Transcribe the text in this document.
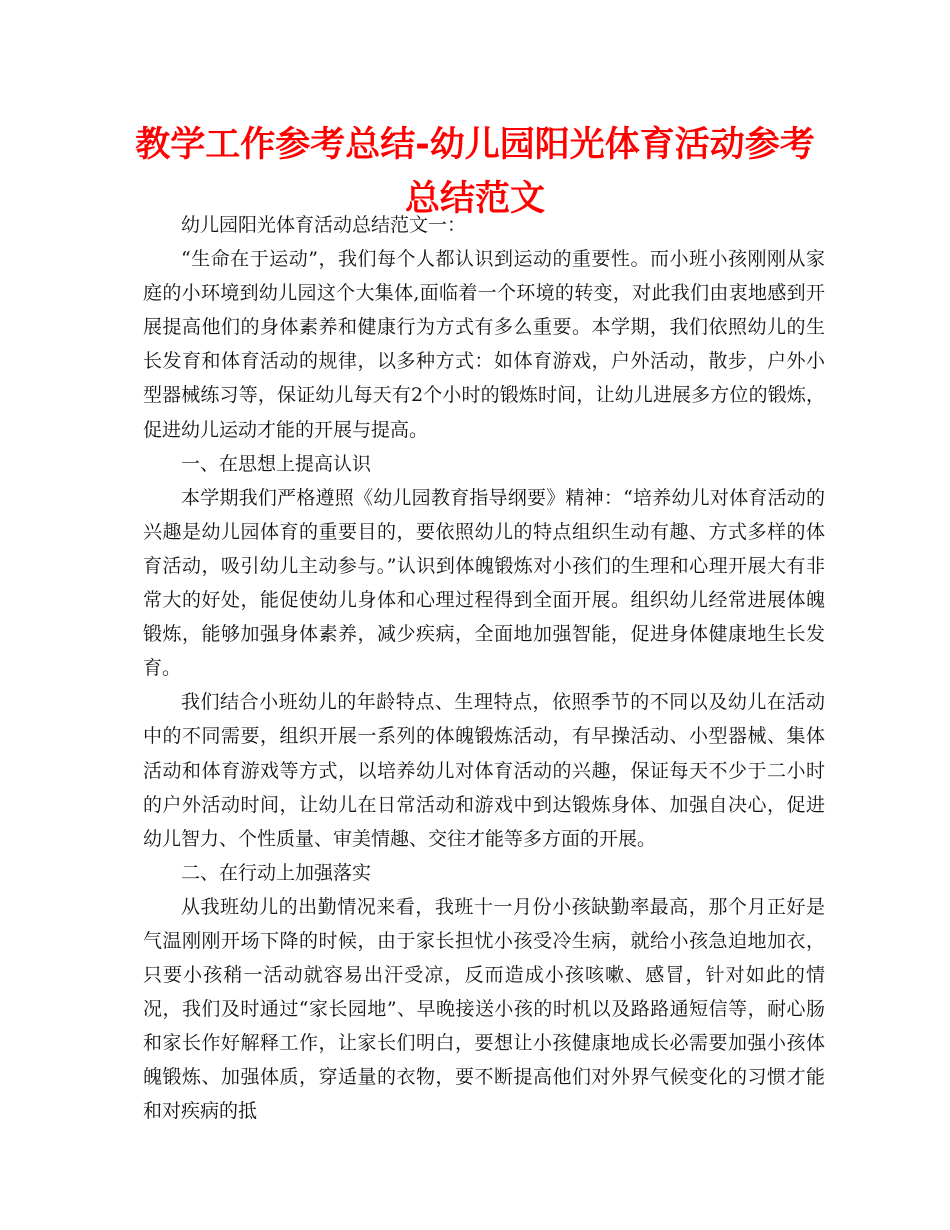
教学工作参考总结-幼儿园阳光体育活动参考总结范文

幼儿园阳光体育活动总结范文一：

“生命在于运动”，我们每个人都认识到运动的重要性。而小班小孩刚刚从家庭的小环境到幼儿园这个大集体,面临着一个环境的转变，对此我们由衷地感到开展提高他们的身体素养和健康行为方式有多么重要。本学期，我们依照幼儿的生长发育和体育活动的规律，以多种方式：如体育游戏，户外活动，散步，户外小型器械练习等，保证幼儿每天有2个小时的锻炼时间，让幼儿进展多方位的锻炼，促进幼儿运动才能的开展与提高。

一、在思想上提高认识

本学期我们严格遵照《幼儿园教育指导纲要》精神：“培养幼儿对体育活动的兴趣是幼儿园体育的重要目的，要依照幼儿的特点组织生动有趣、方式多样的体育活动，吸引幼儿主动参与。”认识到体魄锻炼对小孩们的生理和心理开展大有非常大的好处，能促使幼儿身体和心理过程得到全面开展。组织幼儿经常进展体魄锻炼，能够加强身体素养，减少疾病，全面地加强智能，促进身体健康地生长发育。

我们结合小班幼儿的年龄特点、生理特点，依照季节的不同以及幼儿在活动中的不同需要，组织开展一系列的体魄锻炼活动，有早操活动、小型器械、集体活动和体育游戏等方式，以培养幼儿对体育活动的兴趣，保证每天不少于二小时的户外活动时间，让幼儿在日常活动和游戏中到达锻炼身体、加强自决心，促进幼儿智力、个性质量、审美情趣、交往才能等多方面的开展。

二、在行动上加强落实

从我班幼儿的出勤情况来看，我班十一月份小孩缺勤率最高，那个月正好是气温刚刚开场下降的时候，由于家长担忧小孩受冷生病，就给小孩急迫地加衣，只要小孩稍一活动就容易出汗受凉，反而造成小孩咳嗽、感冒，针对如此的情况，我们及时通过“家长园地”、早晚接送小孩的时机以及路路通短信等，耐心肠和家长作好解释工作，让家长们明白，要想让小孩健康地成长必需要加强小孩体魄锻炼、加强体质，穿适量的衣物，要不断提高他们对外界气候变化的习惯才能和对疾病的抵
